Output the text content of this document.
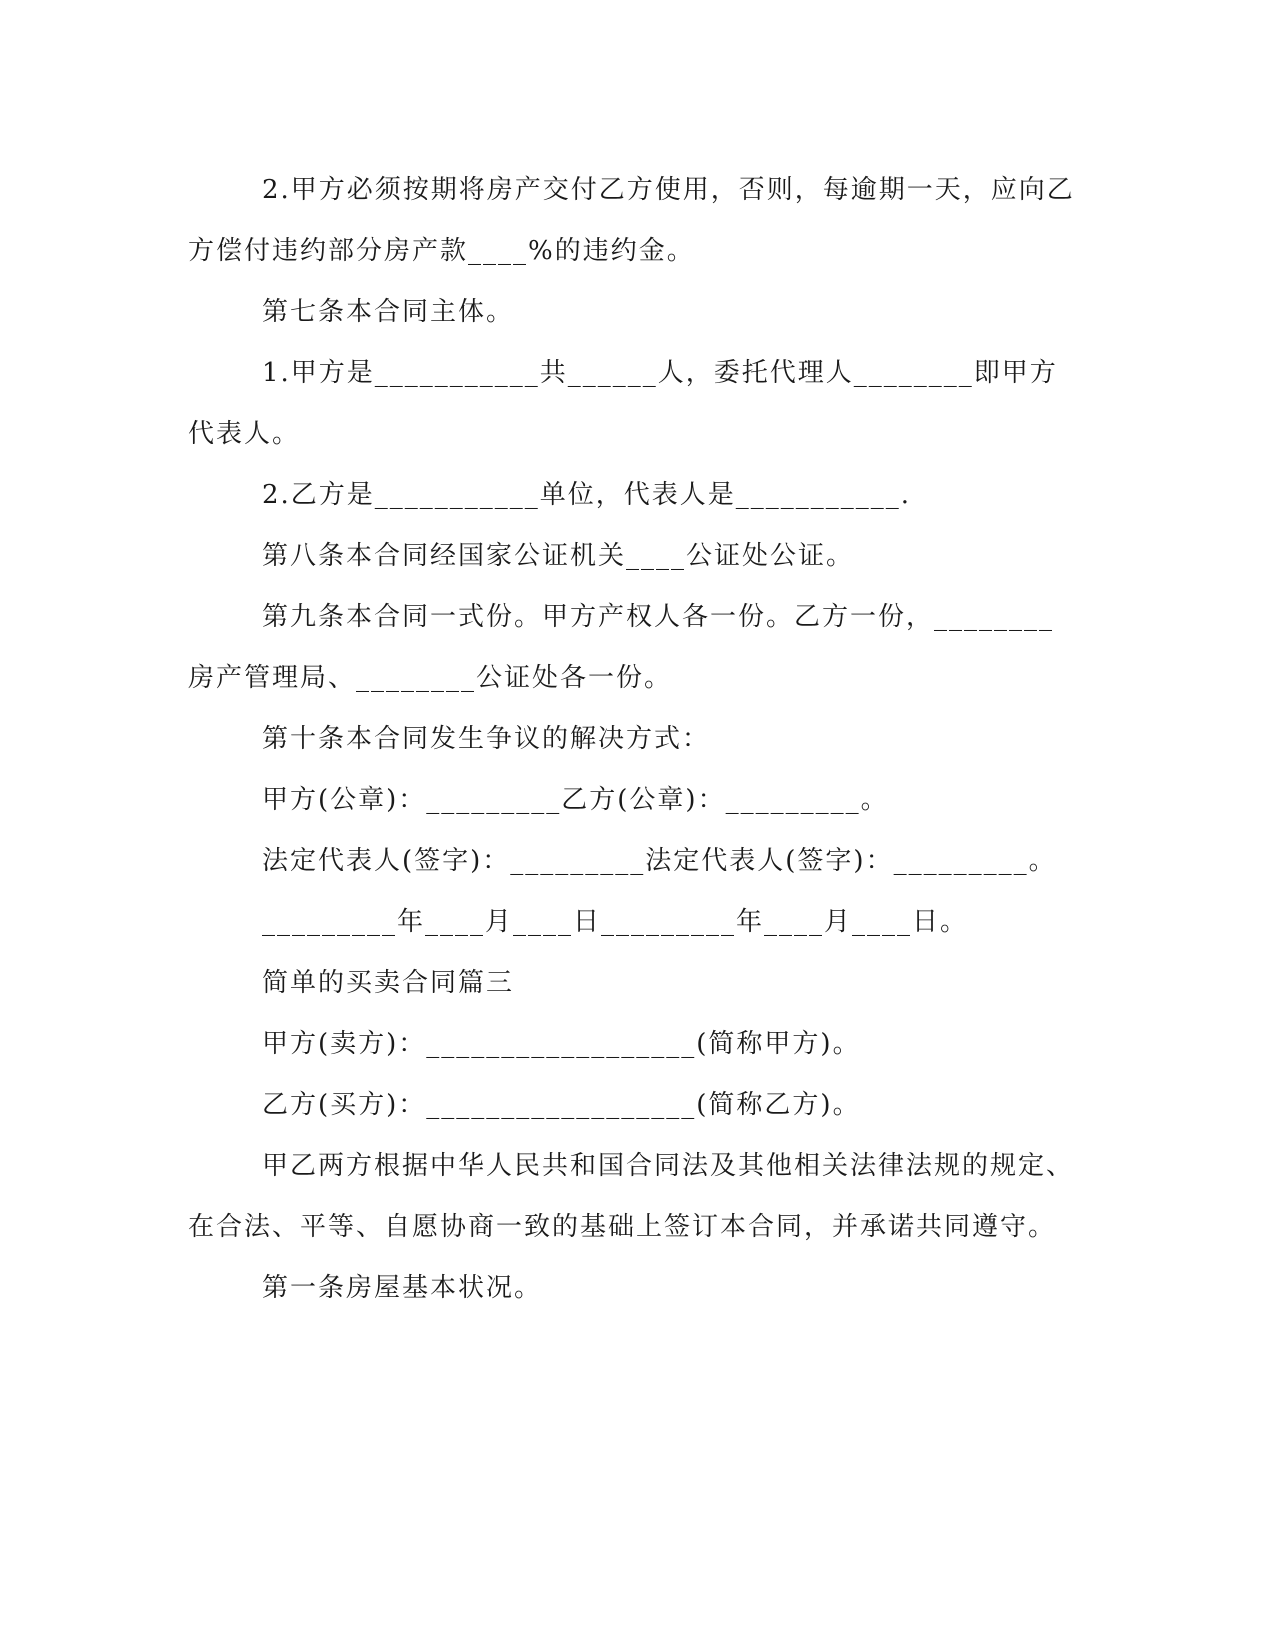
2.甲方必须按期将房产交付乙方使用，否则，每逾期一天，应向乙方偿付违约部分房产款____%的违约金。

第七条本合同主体。

1.甲方是___________共______人，委托代理人________即甲方代表人。

2.乙方是___________单位，代表人是___________.

第八条本合同经国家公证机关____公证处公证。

第九条本合同一式份。甲方产权人各一份。乙方一份，________房产管理局、________公证处各一份。

第十条本合同发生争议的解决方式：

甲方(公章)：_________乙方(公章)：_________。

法定代表人(签字)：_________法定代表人(签字)：_________。

_________年____月____日_________年____月____日。

简单的买卖合同篇三

甲方(卖方)：__________________(简称甲方)。

乙方(买方)：__________________(简称乙方)。

甲乙两方根据中华人民共和国合同法及其他相关法律法规的规定、在合法、平等、自愿协商一致的基础上签订本合同，并承诺共同遵守。

第一条房屋基本状况。
